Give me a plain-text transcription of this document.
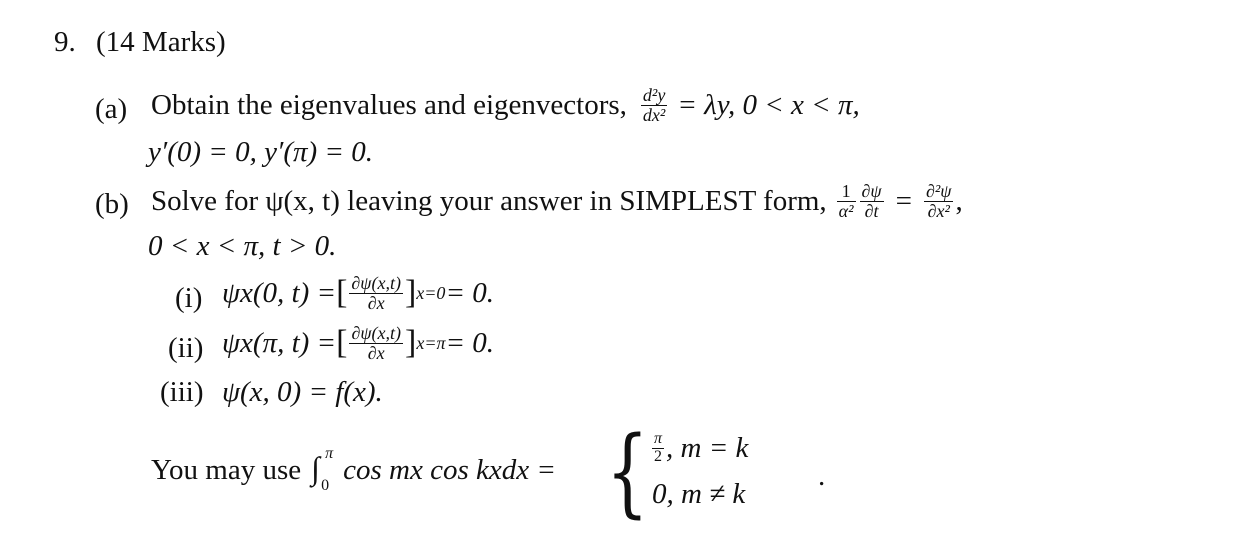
9. (14 Marks)
(a) Obtain the eigenvalues and eigenvectors, $\frac{\text{d²y}}{\text{dx²}} = \lambda y$, 0 < x < π,
y′(0) = 0, y′(π) = 0.
(b) Solve for ψ(x, t) leaving your answer in SIMPLEST form, $\frac{1}{\text{α²}} \frac{\partial\psi}{\partial t} = \frac{\text{∂²ψ}}{\text{∂x²}}$ ,
0 < x < π, t > 0.
(i) ψx(0, t) = [ $\frac{\partial\psi(x,t)}{\partial x}$ ] x=0 = 0.
(ii) ψx(π, t) = [ $\frac{\partial\psi(x,t)}{\partial x}$ ] x=π = 0.
(iii) ψ(x, 0) = f(x).
You may use ∫ π
0 cos mx cos kxdx = { $\frac{\pi}{2}$ , m = k
0, m ≠ k
.
